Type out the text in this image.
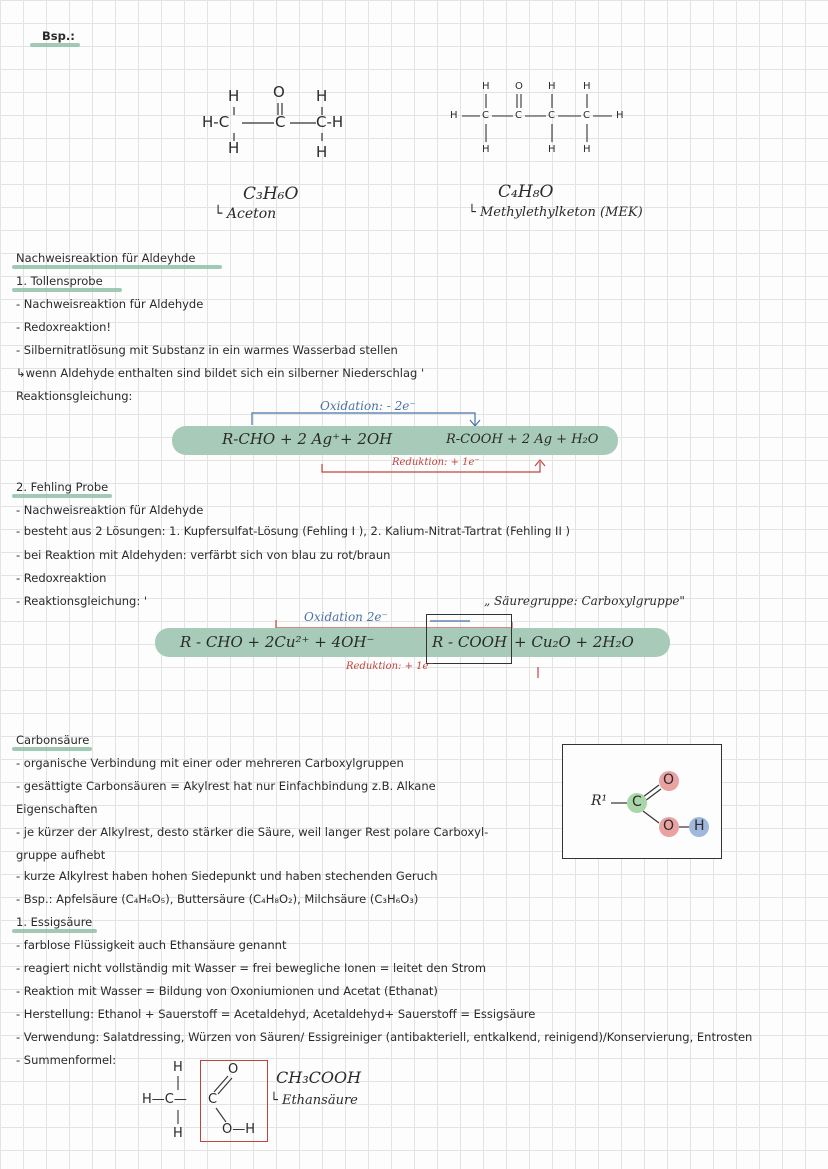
Bsp.:
H O H
H-C	C C-H
H	H
C₃H₆O
└ Aceton
H	O	H	H
H C	C	C	C	H
H	H	H
C₄H₈O
└ Methylethylketon (MEK)
Nachweisreaktion für Aldeyhde
1. Tollensprobe
- Nachweisreaktion für Aldehyde
- Redoxreaktion!
- Silbernitratlösung mit Substanz in ein warmes Wasserbad stellen
↳wenn Aldehyde enthalten sind bildet sich ein silberner Niederschlag '
Reaktionsgleichung:
Oxidation: - 2e⁻
R-CHO + 2 Ag⁺+ 2OH	R-COOH + 2 Ag + H₂O
Reduktion: + 1e⁻
2. Fehling Probe
- Nachweisreaktion für Aldehyde
- besteht aus 2 Lösungen: 1. Kupfersulfat-Lösung (Fehling I ), 2. Kalium-Nitrat-Tartrat (Fehling II )
- bei Reaktion mit Aldehyden: verfärbt sich von blau zu rot/braun
- Redoxreaktion
- Reaktionsgleichung: '	„ Säuregruppe: Carboxylgruppe"
Oxidation 2e⁻
R - CHO + 2Cu²⁺ + 4OH⁻	R - COOH + Cu₂O + 2H₂O
Reduktion: + 1e⁻
Carbonsäure
- organische Verbindung mit einer oder mehreren Carboxylgruppen
- gesättigte Carbonsäuren = Akylrest hat nur Einfachbindung z.B. Alkane
Eigenschaften
- je kürzer der Alkylrest, desto stärker die Säure, weil langer Rest polare Carboxyl-
gruppe aufhebt
- kurze Alkylrest haben hohen Siedepunkt und haben stechenden Geruch
- Bsp.: Apfelsäure (C₄H₆O₅), Buttersäure (C₄H₈O₂), Milchsäure (C₃H₆O₃)
R¹ C
O
O H
1. Essigsäure
- farblose Flüssigkeit auch Ethansäure genannt
- reagiert nicht vollständig mit Wasser = frei bewegliche Ionen = leitet den Strom
- Reaktion mit Wasser = Bildung von Oxoniumionen und Acetat (Ethanat)
- Herstellung: Ethanol + Sauerstoff = Acetaldehyd, Acetaldehyd+ Sauerstoff = Essigsäure
- Verwendung: Salatdressing, Würzen von Säuren/ Essigreiniger (antibakteriell, entkalkend, reinigend)/Konservierung, Entrosten
- Summenformel:	H
H—C— C
O
O—H
H
CH₃COOH
└ Ethansäure
